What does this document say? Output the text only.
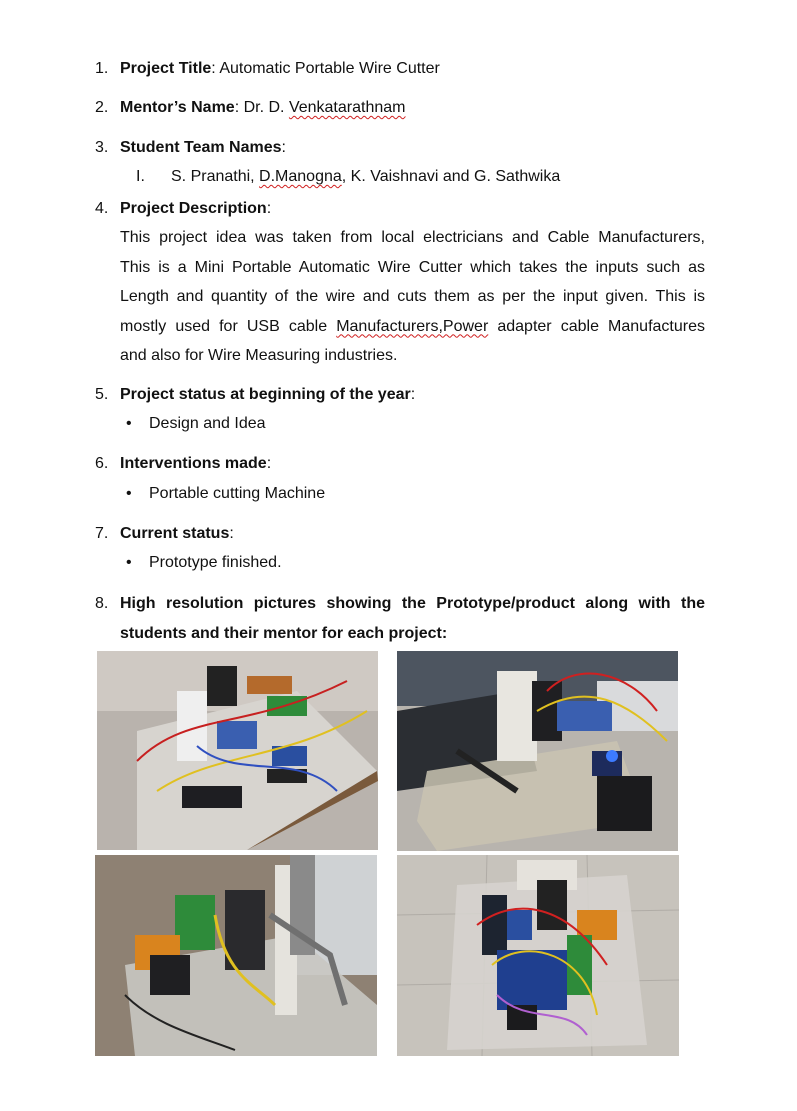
1. Project Title: Automatic Portable Wire Cutter
2. Mentor’s Name: Dr. D. Venkatarathnam
3. Student Team Names:
I. S. Pranathi, D.Manogna, K. Vaishnavi and G. Sathwika
4. Project Description:
This project idea was taken from local electricians and Cable Manufacturers,
This is a Mini Portable Automatic Wire Cutter which takes the inputs such as
Length and quantity of the wire and cuts them as per the input given. This is
mostly used for USB cable Manufacturers,Power adapter cable Manufactures
and also for Wire Measuring industries.
5. Project status at beginning of the year:
• Design and Idea
6. Interventions made:
• Portable cutting Machine
7. Current status:
• Prototype finished.
8. High resolution pictures showing the Prototype/product along with the
students and their mentor for each project:
